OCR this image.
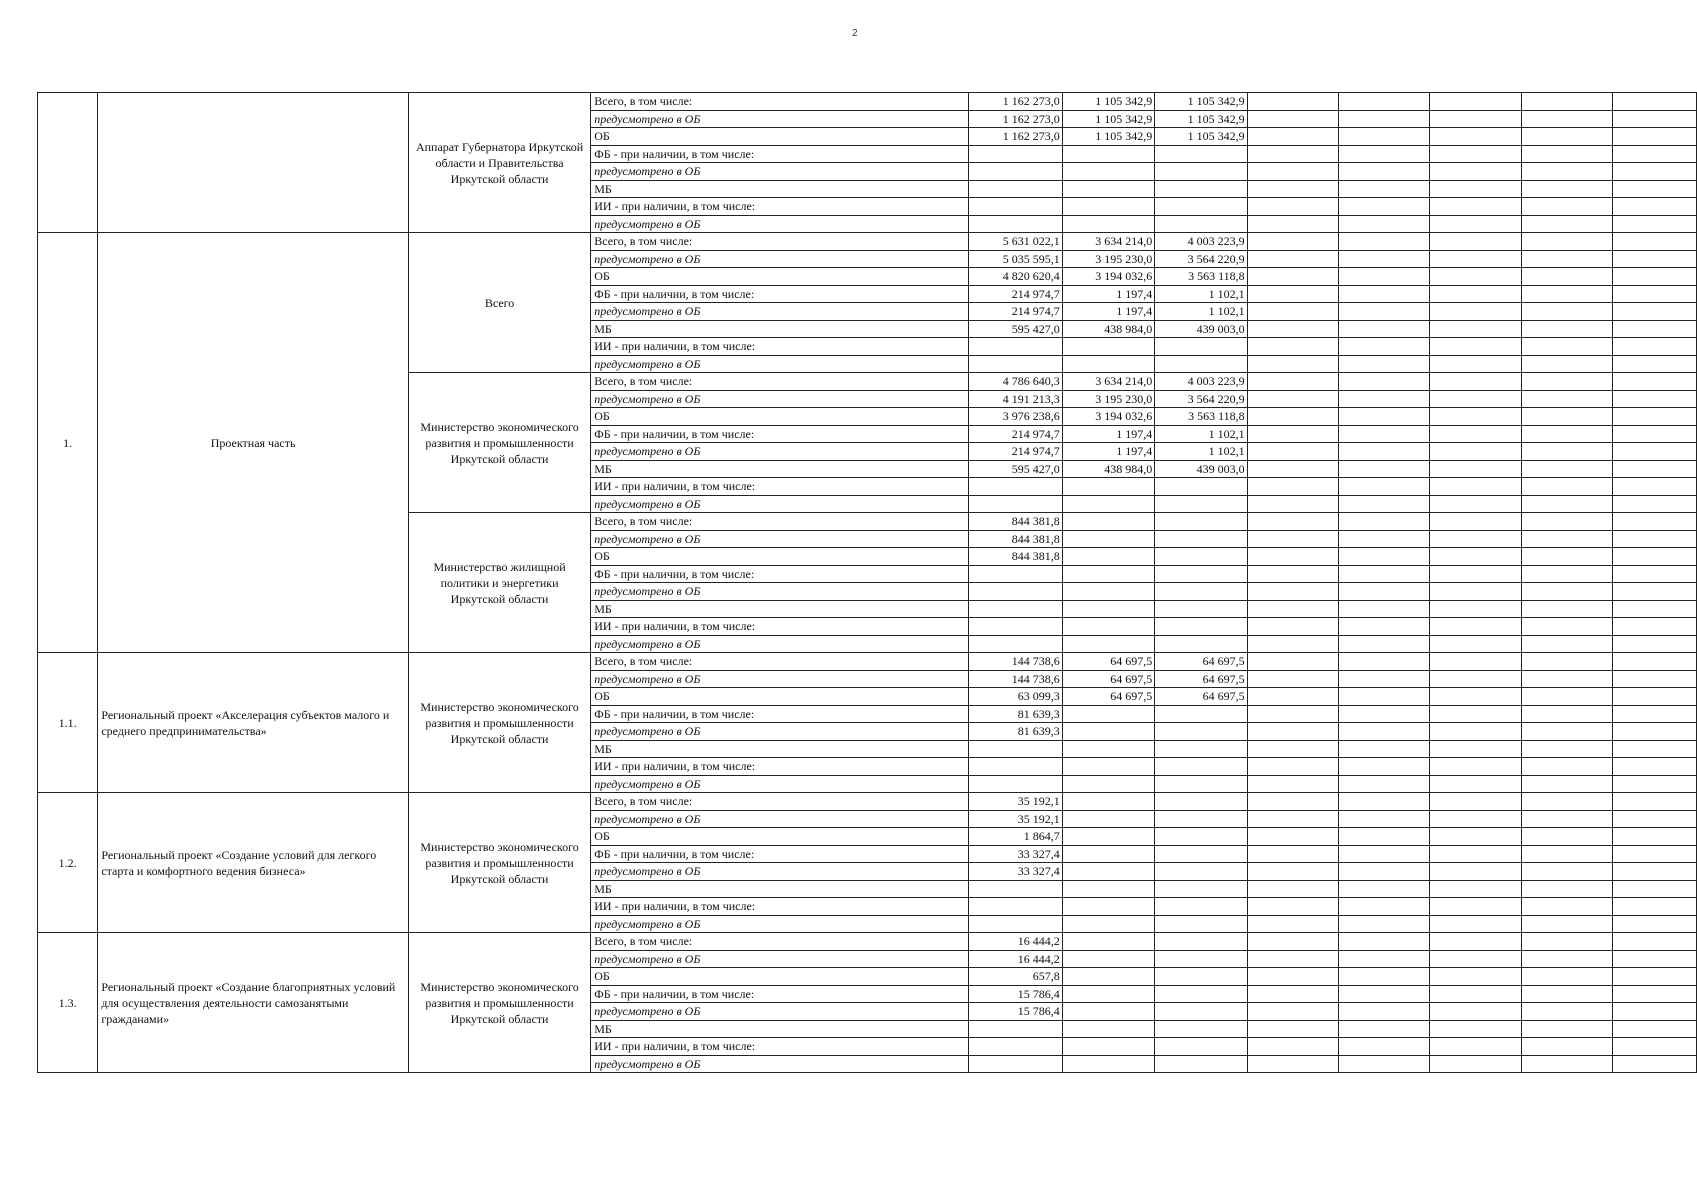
2
		Аппарат Губернатора Иркутской области и Правительства Иркутской области	Всего, в том числе:	1 162 273,0	1 105 342,9	1 105 342,9					
			предусмотрено в ОБ	1 162 273,0	1 105 342,9	1 105 342,9					
			ОБ	1 162 273,0	1 105 342,9	1 105 342,9					
			ФБ - при наличии, в том числе:								
			предусмотрено в ОБ								
			МБ								
			ИИ - при наличии, в том числе:								
			предусмотрено в ОБ								
1.	Проектная часть	Всего	Всего, в том числе:	5 631 022,1	3 634 214,0	4 003 223,9					
			предусмотрено в ОБ	5 035 595,1	3 195 230,0	3 564 220,9					
			ОБ	4 820 620,4	3 194 032,6	3 563 118,8					
			ФБ - при наличии, в том числе:	214 974,7	1 197,4	1 102,1					
			предусмотрено в ОБ	214 974,7	1 197,4	1 102,1					
			МБ	595 427,0	438 984,0	439 003,0					
			ИИ - при наличии, в том числе:								
			предусмотрено в ОБ								
		Министерство экономического развития и промышленности Иркутской области	Всего, в том числе:	4 786 640,3	3 634 214,0	4 003 223,9					
			предусмотрено в ОБ	4 191 213,3	3 195 230,0	3 564 220,9					
			ОБ	3 976 238,6	3 194 032,6	3 563 118,8					
			ФБ - при наличии, в том числе:	214 974,7	1 197,4	1 102,1					
			предусмотрено в ОБ	214 974,7	1 197,4	1 102,1					
			МБ	595 427,0	438 984,0	439 003,0					
			ИИ - при наличии, в том числе:								
			предусмотрено в ОБ								
		Министерство жилищной политики и энергетики Иркутской области	Всего, в том числе:	844 381,8							
			предусмотрено в ОБ	844 381,8							
			ОБ	844 381,8							
			ФБ - при наличии, в том числе:								
			предусмотрено в ОБ								
			МБ								
			ИИ - при наличии, в том числе:								
			предусмотрено в ОБ								
1.1.	Региональный проект «Акселерация субъектов малого и среднего предпринимательства»	Министерство экономического развития и промышленности Иркутской области	Всего, в том числе:	144 738,6	64 697,5	64 697,5					
			предусмотрено в ОБ	144 738,6	64 697,5	64 697,5					
			ОБ	63 099,3	64 697,5	64 697,5					
			ФБ - при наличии, в том числе:	81 639,3							
			предусмотрено в ОБ	81 639,3							
			МБ								
			ИИ - при наличии, в том числе:								
			предусмотрено в ОБ								
1.2.	Региональный проект «Создание условий для легкого старта и комфортного ведения бизнеса»	Министерство экономического развития и промышленности Иркутской области	Всего, в том числе:	35 192,1							
			предусмотрено в ОБ	35 192,1							
			ОБ	1 864,7							
			ФБ - при наличии, в том числе:	33 327,4							
			предусмотрено в ОБ	33 327,4							
			МБ								
			ИИ - при наличии, в том числе:								
			предусмотрено в ОБ								
1.3.	Региональный проект «Создание благоприятных условий для осуществления деятельности самозанятыми гражданами»	Министерство экономического развития и промышленности Иркутской области	Всего, в том числе:	16 444,2							
			предусмотрено в ОБ	16 444,2							
			ОБ	657,8							
			ФБ - при наличии, в том числе:	15 786,4							
			предусмотрено в ОБ	15 786,4							
			МБ								
			ИИ - при наличии, в том числе:								
			предусмотрено в ОБ								
